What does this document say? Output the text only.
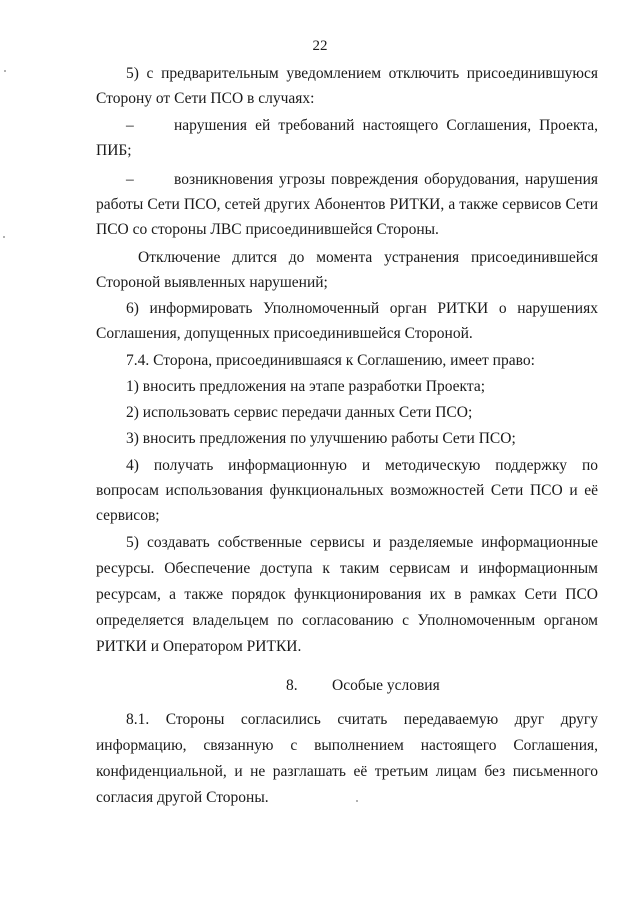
22
5) с предварительным уведомлением отключить присоединившуюся
Сторону от Сети ПСО в случаях:
–	нарушения ей требований настоящего Соглашения, Проекта,
ПИБ;
–	возникновения угрозы повреждения оборудования, нарушения
работы Сети ПСО, сетей других Абонентов РИТКИ, а также сервисов Сети
ПСО со стороны ЛВС присоединившейся Стороны.
Отключение длится до момента устранения присоединившейся
Стороной выявленных нарушений;
6) информировать Уполномоченный орган РИТКИ о нарушениях
Соглашения, допущенных присоединившейся Стороной.
7.4. Сторона, присоединившаяся к Соглашению, имеет право:
1) вносить предложения на этапе разработки Проекта;
2) использовать сервис передачи данных Сети ПСО;
3) вносить предложения по улучшению работы Сети ПСО;
4) получать информационную и методическую поддержку по
вопросам использования функциональных возможностей Сети ПСО и её
сервисов;
5) создавать собственные сервисы и разделяемые информационные
ресурсы. Обеспечение доступа к таким сервисам и информационным
ресурсам, а также порядок функционирования их в рамках Сети ПСО
определяется владельцем по согласованию с Уполномоченным органом
РИТКИ и Оператором РИТКИ.
8. Особые условия
8.1. Стороны согласились считать передаваемую друг другу
информацию, связанную с выполнением настоящего Соглашения,
конфиденциальной, и не разглашать её третьим лицам без письменного
согласия другой Стороны.
